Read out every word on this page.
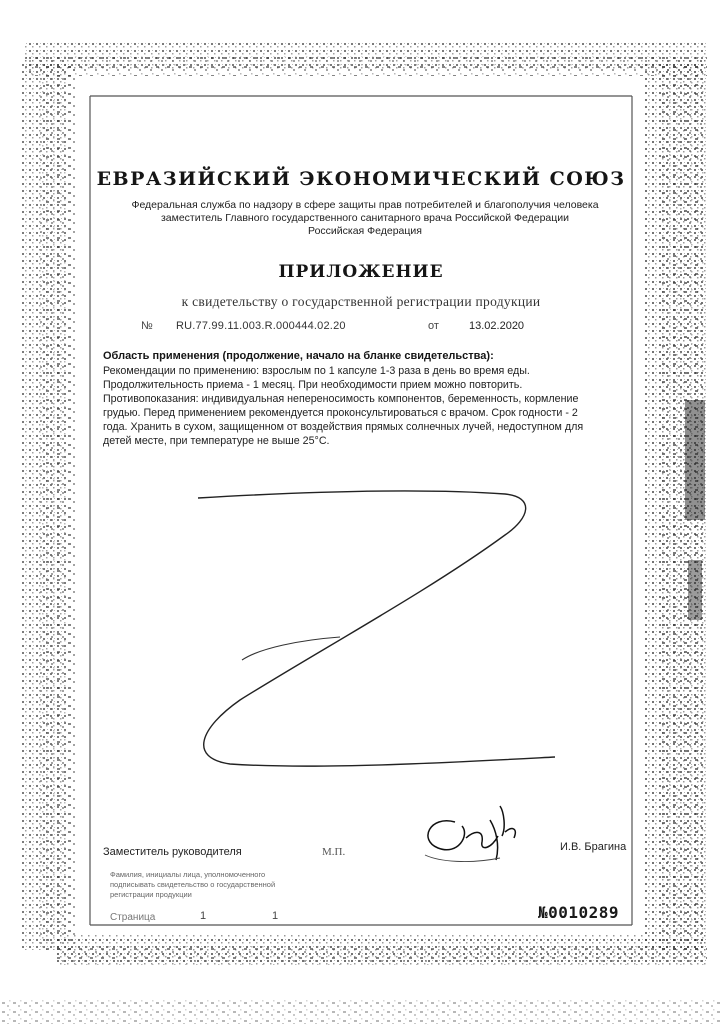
ЕВРАЗИЙСКИЙ ЭКОНОМИЧЕСКИЙ СОЮЗ
Федеральная служба по надзору в сфере защиты прав потребителей и благополучия человека
заместитель Главного государственного санитарного врача Российской Федерации
Российская Федерация
ПРИЛОЖЕНИЕ
к свидетельству о государственной регистрации продукции
№ RU.77.99.11.003.R.000444.02.20	от	13.02.2020
Область применения (продолжение, начало на бланке свидетельства):
Рекомендации по применению: взрослым по 1 капсуле 1-3 раза в день во время еды.
Продолжительность приема - 1 месяц. При необходимости прием можно повторить.
Противопоказания: индивидуальная непереносимость компонентов, беременность, кормление
грудью. Перед применением рекомендуется проконсультироваться с врачом. Срок годности - 2
года. Хранить в сухом, защищенном от воздействия прямых солнечных лучей, недоступном для
детей месте, при температуре не выше 25°С.
Заместитель руководителя	М.П.	И.В. Брагина
Фамилия, инициалы лица, уполномоченного
подписывать свидетельство о государственной
регистрации продукции
Страница	1	1	№0010289
